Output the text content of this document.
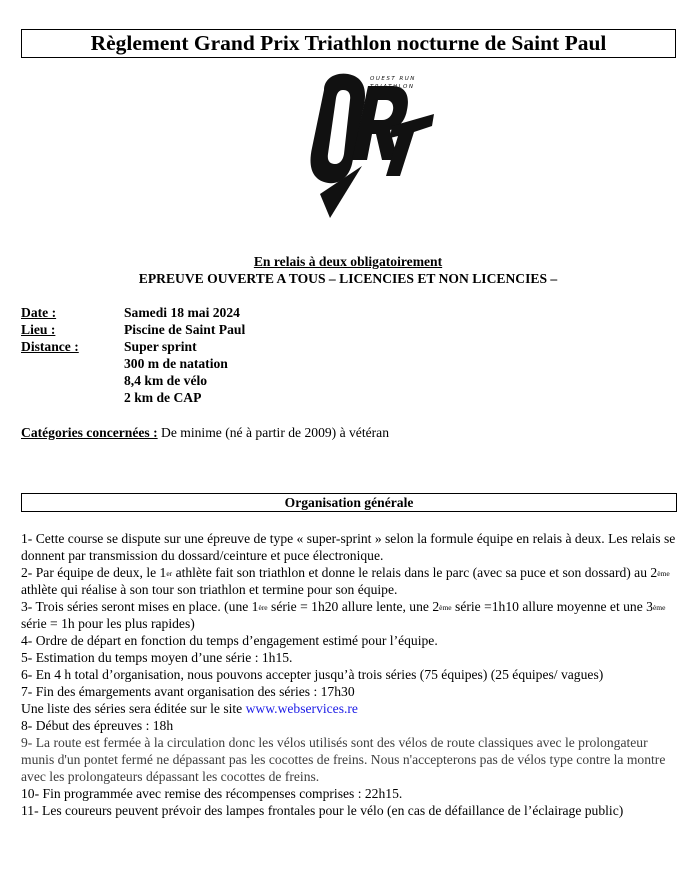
Règlement Grand Prix Triathlon nocturne de Saint Paul
OUEST RUN
TRIATHLON
En relais à deux obligatoirement
EPREUVE OUVERTE A TOUS – LICENCIES ET NON LICENCIES –
Date :	Samedi 18 mai 2024
Lieu :	Piscine de Saint Paul
Distance :	Super sprint
300 m de natation
8,4 km de vélo
2 km de CAP
Catégories concernées : De minime (né à partir de 2009) à vétéran
Organisation générale

1- Cette course se dispute sur une épreuve de type « super-sprint » selon la formule équipe en relais à deux. Les relais se donnent par transmission du dossard/ceinture et puce électronique.

2- Par équipe de deux, le 1er athlète fait son triathlon et donne le relais dans le parc (avec sa puce et son dossard) au 2ème athlète qui réalise à son tour son triathlon et termine pour son équipe.

3- Trois séries seront mises en place. (une 1ère série = 1h20 allure lente, une 2ème série =1h10 allure moyenne et une 3ème série = 1h pour les plus rapides)

4- Ordre de départ en fonction du temps d’engagement estimé pour l’équipe.

5- Estimation du temps moyen d’une série : 1h15.

6- En 4 h total d’organisation, nous pouvons accepter jusqu’à trois séries (75 équipes) (25 équipes/ vagues)

7- Fin des émargements avant organisation des séries : 17h30

Une liste des séries sera éditée sur le site www.webservices.re

8- Début des épreuves : 18h

9- La route est fermée à la circulation donc les vélos utilisés sont des vélos de route classiques avec le prolongateur munis d'un pontet fermé ne dépassant pas les cocottes de freins. Nous n'accepterons pas de vélos type contre la montre avec les prolongateurs dépassant les cocottes de freins.

10- Fin programmée avec remise des récompenses comprises : 22h15.

11- Les coureurs peuvent prévoir des lampes frontales pour le vélo (en cas de défaillance de l’éclairage public)
